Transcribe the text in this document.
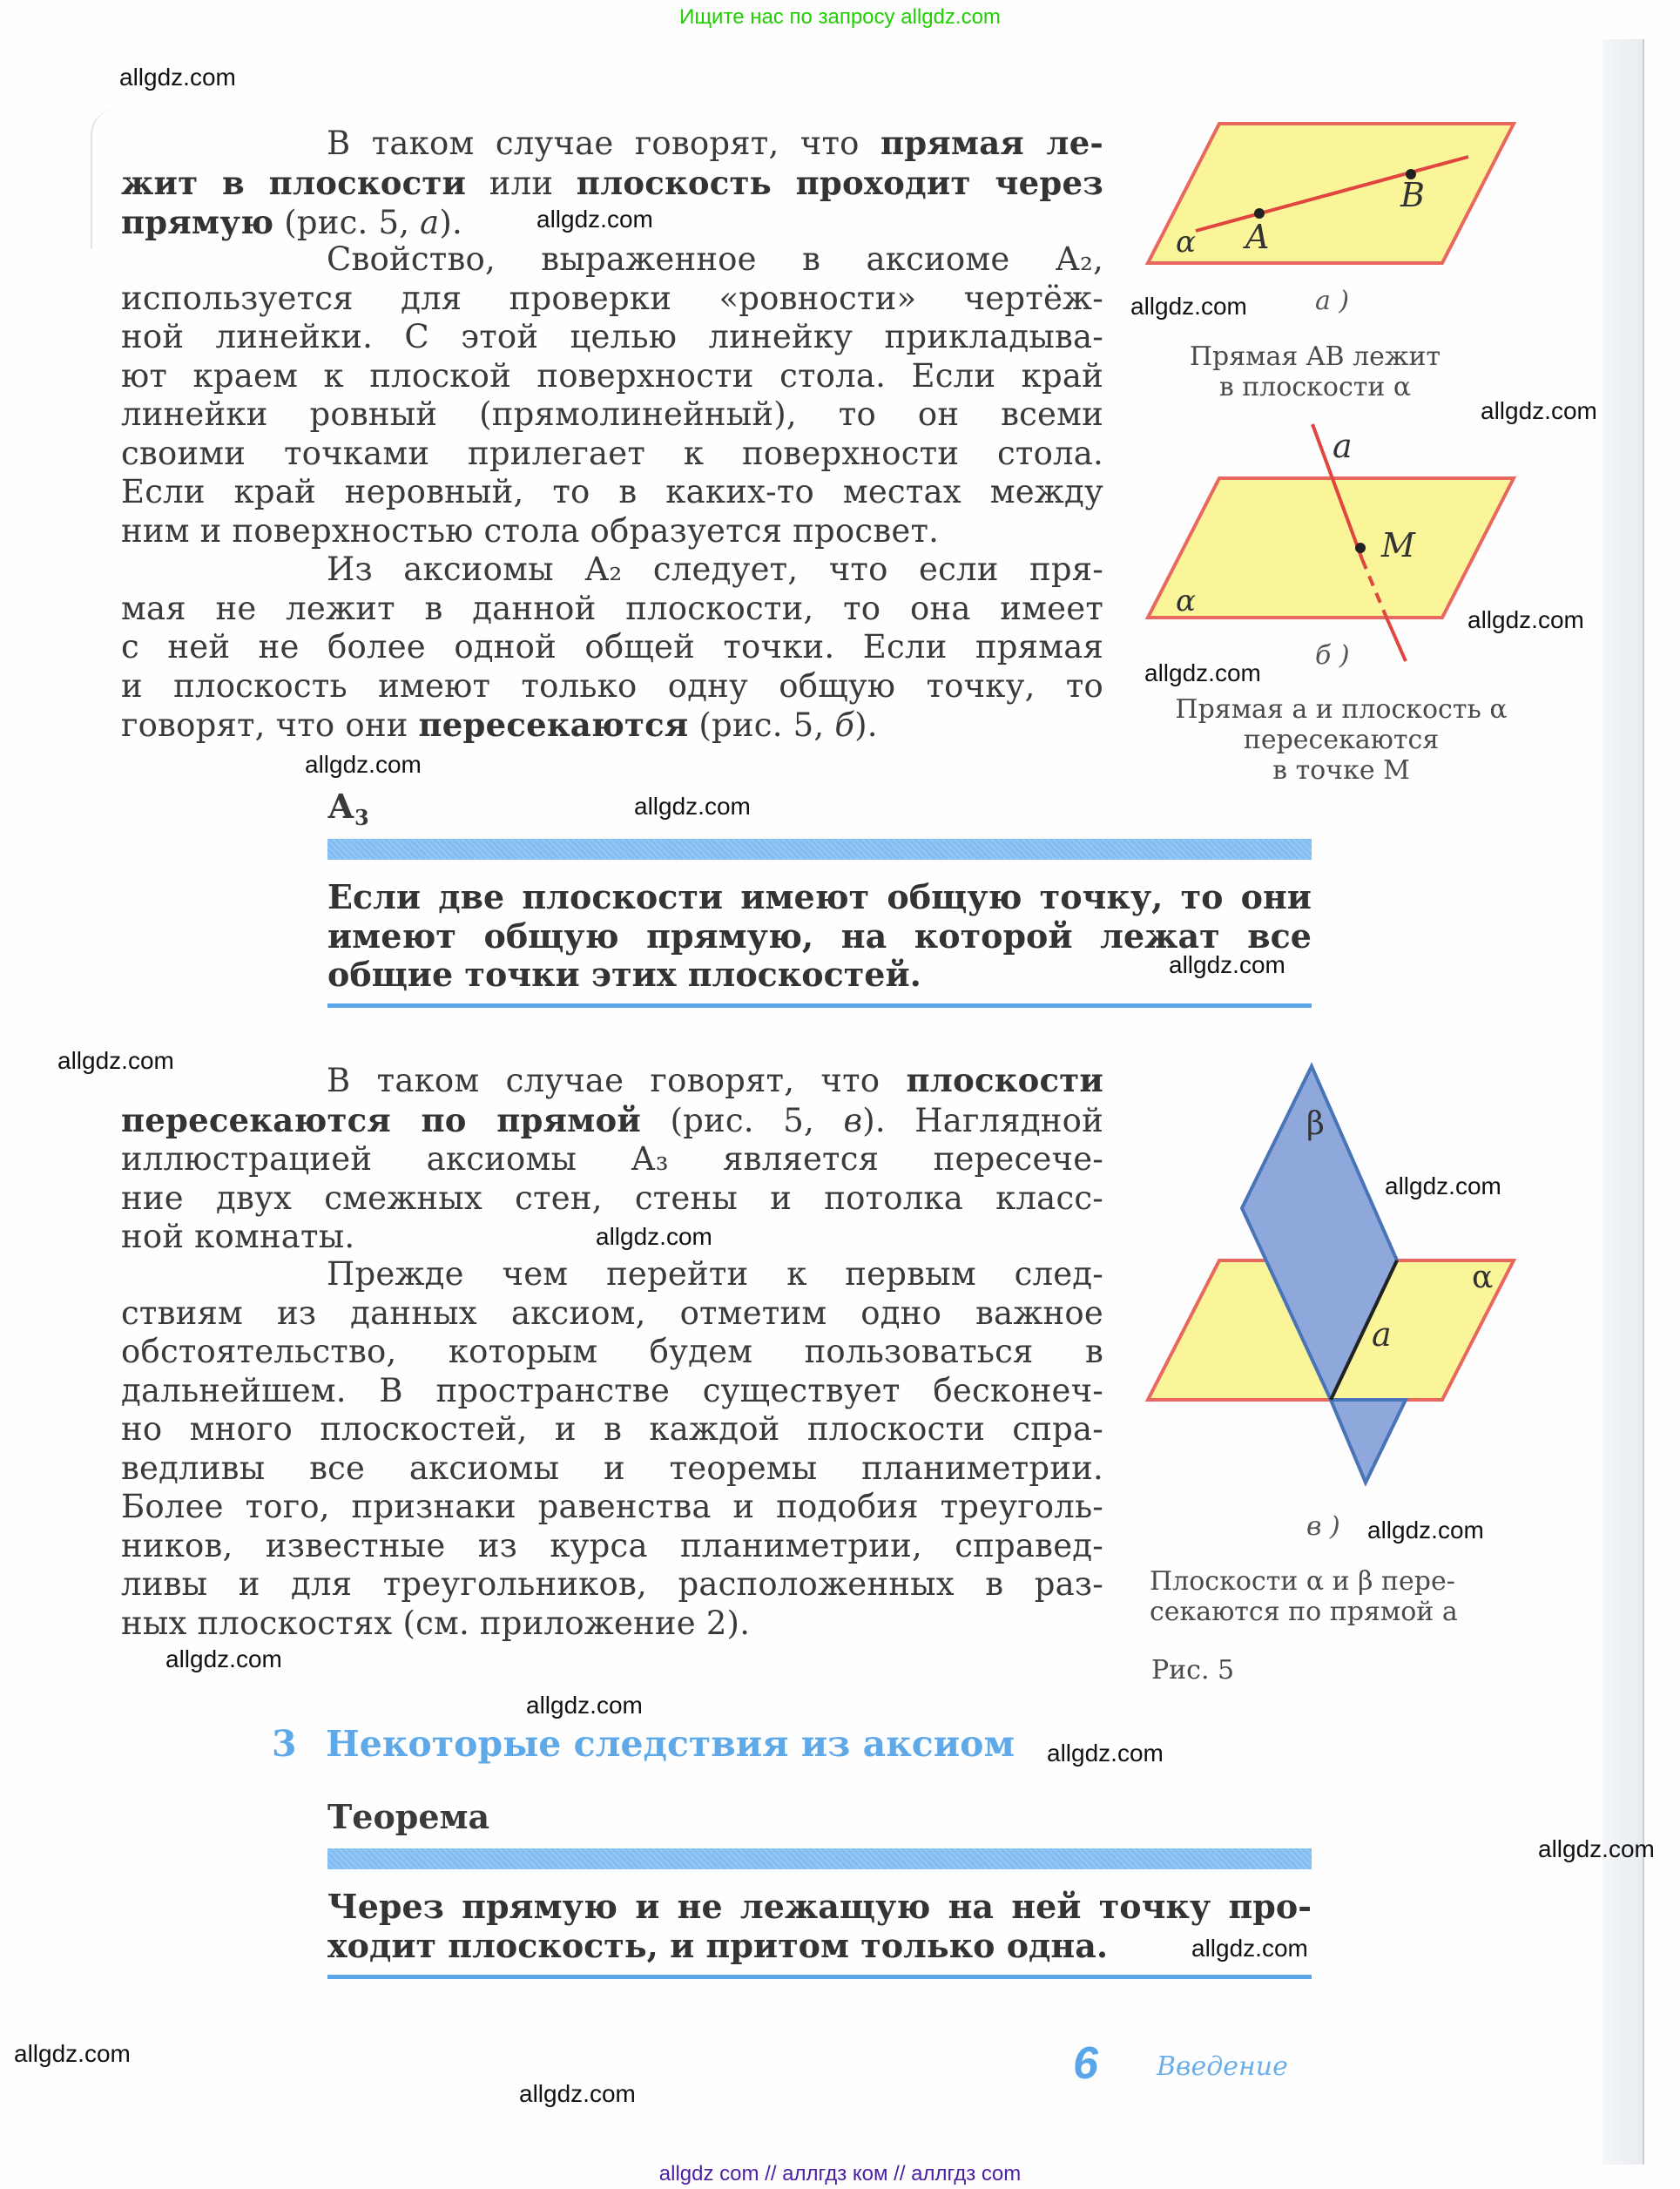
Ищите нас по запросу allgdz.com
В таком случае говорят, что прямая ле-
жит в плоскости или плоскость проходит через
прямую (рис. 5, а).
Свойство, выраженное в аксиоме А₂,
используется для проверки «ровности» чертёж-
ной линейки. С этой целью линейку прикладыва-
ют краем к плоской поверхности стола. Если край
линейки ровный (прямолинейный), то он всеми
своими точками прилегает к поверхности стола.
Если край неровный, то в каких-то местах между
ним и поверхностью стола образуется просвет.
Из аксиомы А₂ следует, что если пря-
мая не лежит в данной плоскости, то она имеет
с ней не более одной общей точки. Если прямая
и плоскость имеют только одну общую точку, то
говорят, что они пересекаются (рис. 5, б).
$А_3$
Если две плоскости имеют общую точку, то они
имеют общую прямую, на которой лежат все
общие точки этих плоскостей.
В таком случае говорят, что плоскости
пересекаются по прямой (рис. 5, в). Наглядной
иллюстрацией аксиомы А₃ является пересече-
ние двух смежных стен, стены и потолка класс-
ной комнаты.
Прежде чем перейти к первым след-
ствиям из данных аксиом, отметим одно важное
обстоятельство, которым будем пользоваться в
дальнейшем. В пространстве существует бесконеч-
но много плоскостей, и в каждой плоскости спра-
ведливы все аксиомы и теоремы планиметрии.
Более того, признаки равенства и подобия треуголь-
ников, известные из курса планиметрии, справед-
ливы и для треугольников, расположенных в раз-
ных плоскостях (см. приложение 2).
3 Некоторые следствия из аксиом
Теорема
Через прямую и не лежащую на ней точку про-
ходит плоскость, и притом только одна.
α A
B
а )
Прямая AB лежит
в плоскости α
a
M
α
б )
Прямая a и плоскость α
пересекаются
в точке M
β
α
a
в )
Плоскости α и β пере-
секаются по прямой a
Рис. 5
6 Введение
allgdz.com
allgdz.com
allgdz.com
allgdz.com
allgdz.com
allgdz.com
allgdz.com
allgdz.com
allgdz.com
allgdz.com
allgdz.com
allgdz.com
allgdz.com
allgdz.com
allgdz.com
allgdz.com
allgdz.com
allgdz.com
allgdz.com
allgdz.com
allgdz com // аллгдз ком // аллгдз com
